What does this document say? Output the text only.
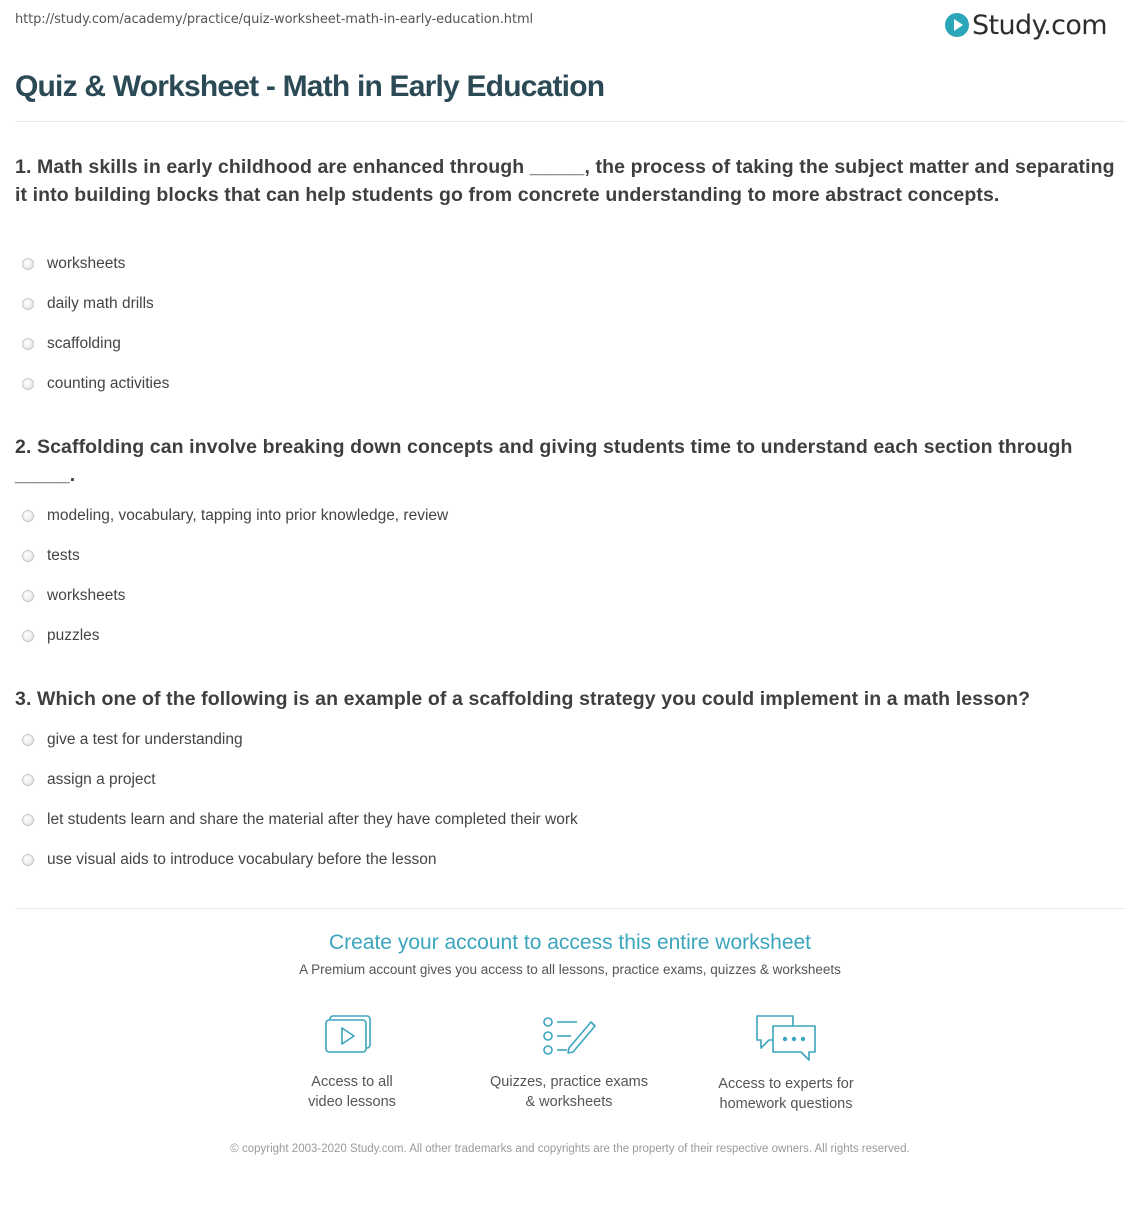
http://study.com/academy/practice/quiz-worksheet-math-in-early-education.html	Study.com
Quiz & Worksheet - Math in Early Education
1. Math skills in early childhood are enhanced through _____, the process of taking the subject matter and separating it into building blocks that can help students go from concrete understanding to more abstract concepts.
worksheets
daily math drills
scaffolding
counting activities
2. Scaffolding can involve breaking down concepts and giving students time to understand each section through _____.
modeling, vocabulary, tapping into prior knowledge, review
tests
worksheets
puzzles
3. Which one of the following is an example of a scaffolding strategy you could implement in a math lesson?
give a test for understanding
assign a project
let students learn and share the material after they have completed their work
use visual aids to introduce vocabulary before the lesson
Create your account to access this entire worksheet
A Premium account gives you access to all lessons, practice exams, quizzes & worksheets
Access to all
video lessons
Quizzes, practice exams
& worksheets
Access to experts for
homework questions
© copyright 2003-2020 Study.com. All other trademarks and copyrights are the property of their respective owners. All rights reserved.
